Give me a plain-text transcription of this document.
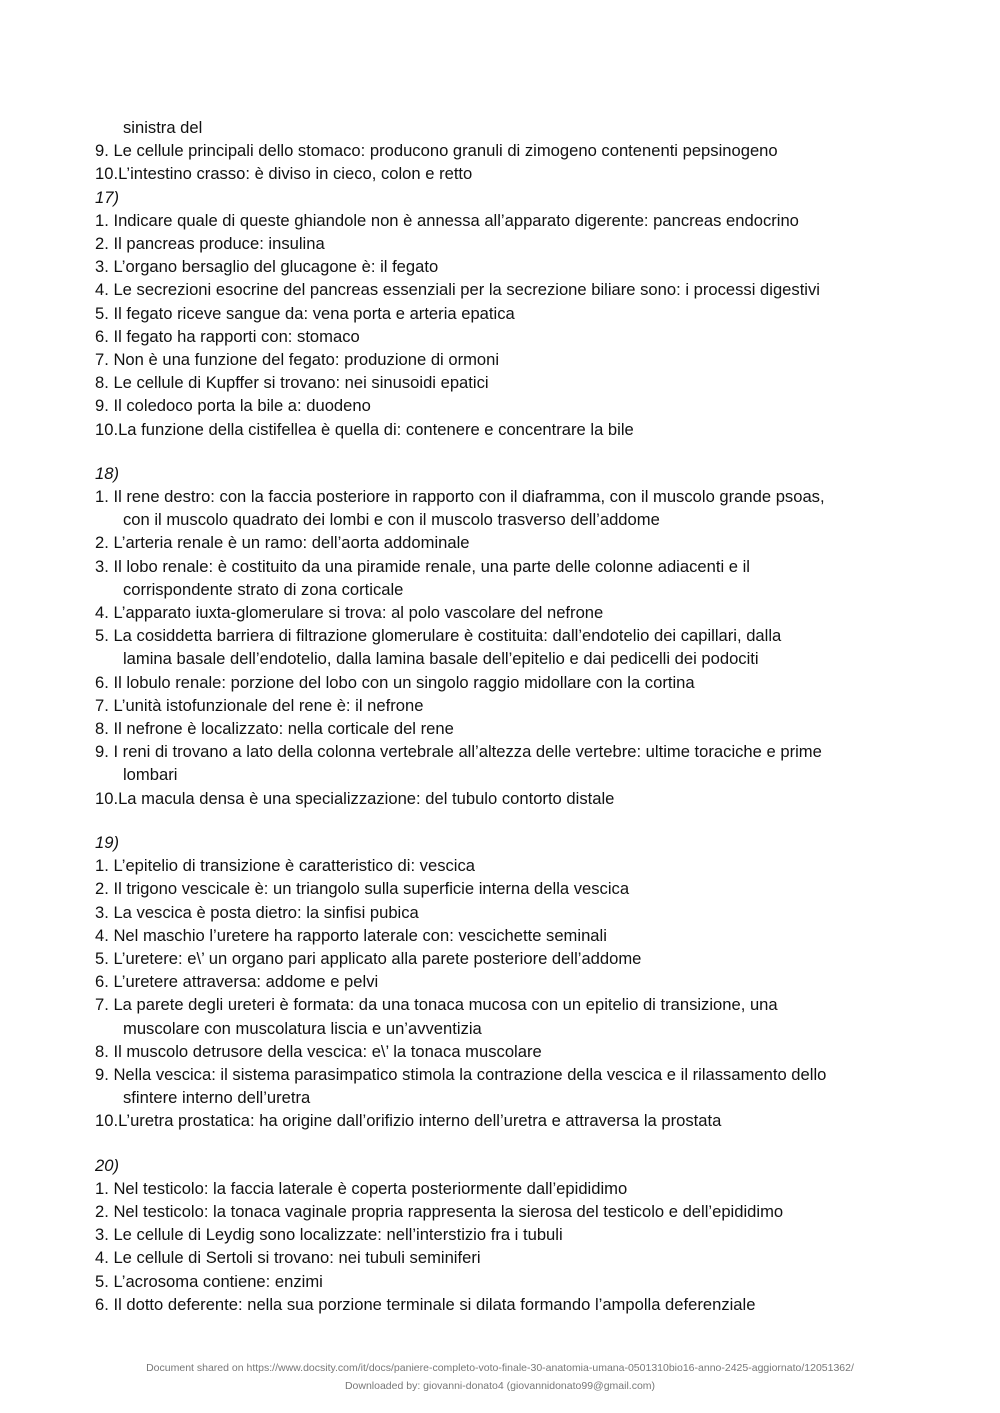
sinistra del
9. Le cellule principali dello stomaco: producono granuli di zimogeno contenenti pepsinogeno
10. L’intestino crasso: è diviso in cieco, colon e retto
17)
1. Indicare quale di queste ghiandole non è annessa all’apparato digerente: pancreas endocrino
2. Il pancreas produce: insulina
3. L’organo bersaglio del glucagone è: il fegato
4. Le secrezioni esocrine del pancreas essenziali per la secrezione biliare sono: i processi digestivi
5. Il fegato riceve sangue da: vena porta e arteria epatica
6. Il fegato ha rapporti con: stomaco
7. Non è una funzione del fegato: produzione di ormoni
8. Le cellule di Kupffer si trovano: nei sinusoidi epatici
9. Il coledoco porta la bile a: duodeno
10. La funzione della cistifellea è quella di: contenere e concentrare la bile
18)
1. Il rene destro: con la faccia posteriore in rapporto con il diaframma, con il muscolo grande psoas,
con il muscolo quadrato dei lombi e con il muscolo trasverso dell’addome
2. L’arteria renale è un ramo: dell’aorta addominale
3. Il lobo renale: è costituito da una piramide renale, una parte delle colonne adiacenti e il
corrispondente strato di zona corticale
4. L’apparato iuxta-glomerulare si trova: al polo vascolare del nefrone
5. La cosiddetta barriera di filtrazione glomerulare è costituita: dall’endotelio dei capillari, dalla
lamina basale dell’endotelio, dalla lamina basale dell’epitelio e dai pedicelli dei podociti
6. Il lobulo renale: porzione del lobo con un singolo raggio midollare con la cortina
7. L’unità istofunzionale del rene è: il nefrone
8. Il nefrone è localizzato: nella corticale del rene
9. I reni di trovano a lato della colonna vertebrale all’altezza delle vertebre: ultime toraciche e prime
lombari
10. La macula densa è una specializzazione: del tubulo contorto distale
19)
1. L’epitelio di transizione è caratteristico di: vescica
2. Il trigono vescicale è: un triangolo sulla superficie interna della vescica
3. La vescica è posta dietro: la sinfisi pubica
4. Nel maschio l’uretere ha rapporto laterale con: vescichette seminali
5. L’uretere: e\’ un organo pari applicato alla parete posteriore dell’addome
6. L’uretere attraversa: addome e pelvi
7. La parete degli ureteri è formata: da una tonaca mucosa con un epitelio di transizione, una
muscolare con muscolatura liscia e un’avventizia
8. Il muscolo detrusore della vescica: e\’ la tonaca muscolare
9. Nella vescica: il sistema parasimpatico stimola la contrazione della vescica e il rilassamento dello
sfintere interno dell’uretra
10. L’uretra prostatica: ha origine dall’orifizio interno dell’uretra e attraversa la prostata
20)
1. Nel testicolo: la faccia laterale è coperta posteriormente dall’epididimo
2. Nel testicolo: la tonaca vaginale propria rappresenta la sierosa del testicolo e dell’epididimo
3. Le cellule di Leydig sono localizzate: nell’interstizio fra i tubuli
4. Le cellule di Sertoli si trovano: nei tubuli seminiferi
5. L’acrosoma contiene: enzimi
6. Il dotto deferente: nella sua porzione terminale si dilata formando l’ampolla deferenziale
Document shared on https://www.docsity.com/it/docs/paniere-completo-voto-finale-30-anatomia-umana-0501310bio16-anno-2425-aggiornato/12051362/
Downloaded by: giovanni-donato4 (giovannidonato99@gmail.com)
